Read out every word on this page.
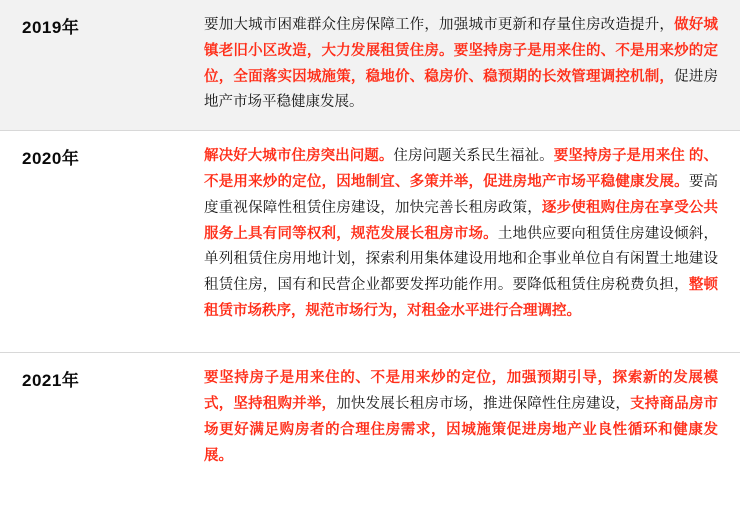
2019年	要加大城市困难群众住房保障工作，加强城市更新和存量住房改造提升，做好城镇老旧小区改造，大力发展租赁住房。要坚持房子是用来住的、不是用来炒的定位，全面落实因城施策，稳地价、稳房价、稳预期的长效管理调控机制，促进房地产市场平稳健康发展。
2020年	解决好大城市住房突出问题。住房问题关系民生福祉。要坚持房子是用来住 的、不是用来炒的定位，因地制宜、多策并举，促进房地产市场平稳健康发展。要高度重视保障性租赁住房建设，加快完善长租房政策，逐步使租购住房在享受公共服务上具有同等权利，规范发展长租房市场。土地供应要向租赁住房建设倾斜，单列租赁住房用地计划，探索利用集体建设用地和企事业单位自有闲置土地建设租赁住房，国有和民营企业都要发挥功能作用。要降低租赁住房税费负担，整顿租赁市场秩序，规范市场行为，对租金水平进行合理调控。

2021年	要坚持房子是用来住的、不是用来炒的定位，加强预期引导，探索新的发展模式，坚持租购并举，加快发展长租房市场，推进保障性住房建设，支持商品房市场更好满足购房者的合理住房需求，因城施策促进房地产业良性循环和健康发展。
